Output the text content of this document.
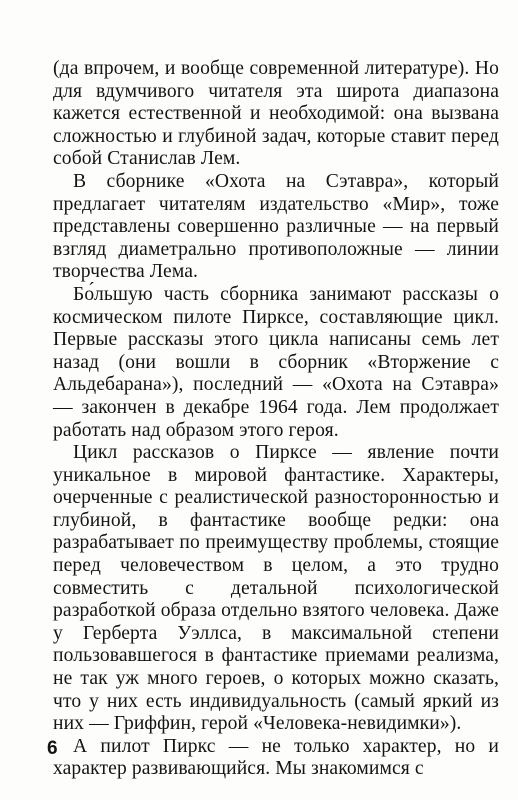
(да впрочем, и вообще современной литературе). Но для вдумчивого читателя эта широта диапазона кажется естественной и необходимой: она вызвана сложностью и глубиной задач, которые ставит перед собой Станислав Лем.

В сборнике «Охота на Сэтавра», который предлагает читателям издательство «Мир», тоже представлены совершенно различные — на первый взгляд диаметрально противоположные — линии творчества Лема.

Бо́льшую часть сборника занимают рассказы о космическом пилоте Пирксе, составляющие цикл. Первые рассказы этого цикла написаны семь лет назад (они вошли в сборник «Вторжение с Альдебарана»), последний — «Охота на Сэтавра» — закончен в декабре 1964 года. Лем продолжает работать над образом этого героя.

Цикл рассказов о Пирксе — явление почти уникальное в мировой фантастике. Характеры, очерченные с реалистической разносторонностью и глубиной, в фантастике вообще редки: она разрабатывает по преимуществу проблемы, стоящие перед человечеством в целом, а это трудно совместить с детальной психологической разработкой образа отдельно взятого человека. Даже у Герберта Уэллса, в максимальной степени пользовавшегося в фантастике приемами реализма, не так уж много героев, о которых можно сказать, что у них есть индивидуальность (самый яркий из них — Гриффин, герой «Человека-невидимки»).

А пилот Пиркс — не только характер, но и характер развивающийся. Мы знакомимся с

6
